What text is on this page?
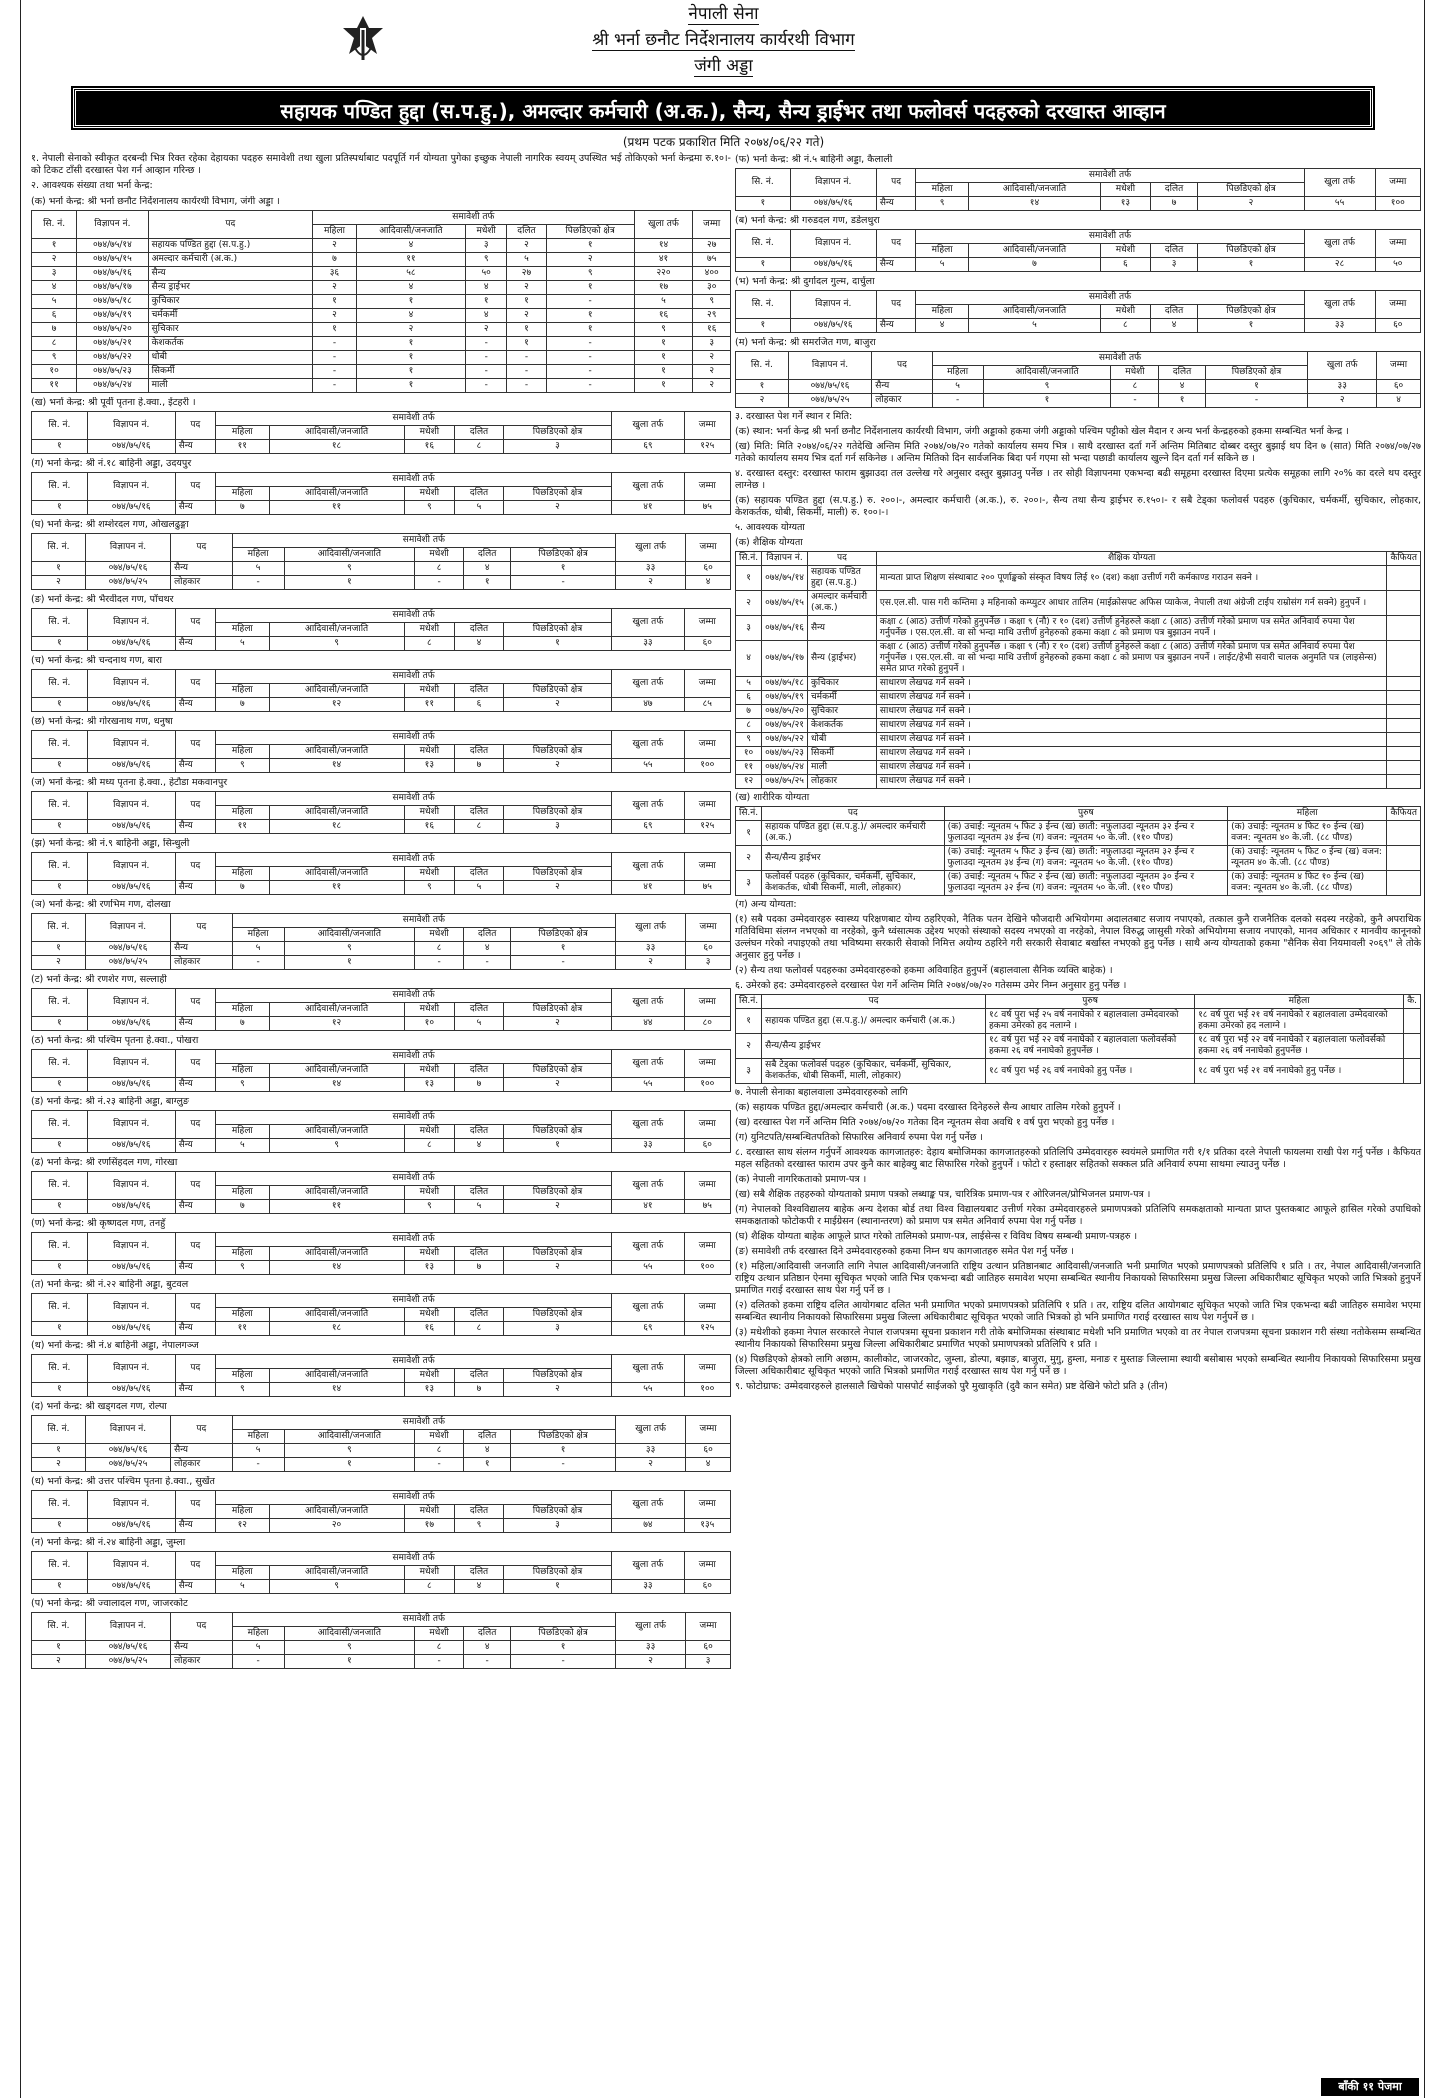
नेपाली सेना
श्री भर्ना छनौट निर्देशनालय कार्यरथी विभाग
जंगी अड्डा
सहायक पण्डित हुद्दा (स.प.हु.), अमल्दार कर्मचारी (अ.क.), सैन्य, सैन्य ड्राईभर तथा फलोवर्स पदहरुको दरखास्त आव्हान
(प्रथम पटक प्रकाशित मिति २०७४/०६/२२ गते)
१. नेपाली सेनाको स्वीकृत दरबन्दी भित्र रिक्त रहेका देहायका पदहरु समावेशी तथा खुला प्रतिस्पर्धाबाट पदपूर्ति गर्न योग्यता पुगेका इच्छुक नेपाली नागरिक स्वयम् उपस्थित भई तोकिएको भर्ना केन्द्रमा रु.१०।- को टिकट टाँसी दरखास्त पेश गर्न आव्हान गरिन्छ ।
२. आवश्यक संख्या तथा भर्ना केन्द्र:
(क) भर्ना केन्द्र: श्री भर्ना छनौट निर्देशनालय कार्यरथी विभाग, जंगी अड्डा ।
सि. नं.	विज्ञापन नं.	पद	समावेशी तर्फ					खुला तर्फ	जम्मा
			महिला	आदिवासी/जनजाति	मधेशी	दलित	पिछडिएको क्षेत्र		
१	०७४/७५/१४	सहायक पण्डित हुद्दा (स.प.हु.)	२	४	३	२	१	१४	२७
२	०७४/७५/१५	अमल्दार कर्मचारी (अ.क.)	७	११	९	५	२	४१	७५
३	०७४/७५/१६	सैन्य	३६	५८	५०	२७	९	२२०	४००
४	०७४/७५/१७	सैन्य ड्राईभर	२	४	४	२	१	१७	३०
५	०७४/७५/१८	कुचिकार	१	१	१	१	-	५	९
६	०७४/७५/१९	चर्मकर्मी	२	४	४	२	१	१६	२९
७	०७४/७५/२०	सुचिकार	१	२	२	१	१	९	१६
८	०७४/७५/२१	केशकर्तक	-	१	-	१	-	१	३
९	०७४/७५/२२	धोबी	-	१	-	-	-	१	२
१०	०७४/७५/२३	सिकर्मी	-	१	-	-	-	१	२
११	०७४/७५/२४	माली	-	१	-	-	-	१	२
(ख) भर्ना केन्द्र: श्री पूर्वी पृतना हे.क्वा., ईटहरी ।
सि. नं.	विज्ञापन नं.	पद	समावेशी तर्फ					खुला तर्फ	जम्मा
			महिला	आदिवासी/जनजाति	मधेशी	दलित	पिछडिएको क्षेत्र		
१	०७४/७५/१६	सैन्य	११	१८	१६	८	३	६९	१२५
(ग) भर्ना केन्द्र: श्री नं.१८ बाहिनी अड्डा, उदयपुर
सि. नं.	विज्ञापन नं.	पद	समावेशी तर्फ					खुला तर्फ	जम्मा
			महिला	आदिवासी/जनजाति	मधेशी	दलित	पिछडिएको क्षेत्र		
१	०७४/७५/१६	सैन्य	७	११	९	५	२	४१	७५
(घ) भर्ना केन्द्र: श्री शम्शेरदल गण, ओखलढुङ्गा
सि. नं.	विज्ञापन नं.	पद	समावेशी तर्फ					खुला तर्फ	जम्मा
			महिला	आदिवासी/जनजाति	मधेशी	दलित	पिछडिएको क्षेत्र		
१	०७४/७५/१६	सैन्य	५	९	८	४	१	३३	६०
२	०७४/७५/२५	लोहकार	-	१	-	१	-	२	४
(ङ) भर्ना केन्द्र: श्री भैरवीदल गण, पाँचथर
सि. नं.	विज्ञापन नं.	पद	समावेशी तर्फ					खुला तर्फ	जम्मा
			महिला	आदिवासी/जनजाति	मधेशी	दलित	पिछडिएको क्षेत्र		
१	०७४/७५/१६	सैन्य	५	९	८	४	१	३३	६०
(च) भर्ना केन्द्र: श्री चन्दनाथ गण, बारा
सि. नं.	विज्ञापन नं.	पद	समावेशी तर्फ					खुला तर्फ	जम्मा
			महिला	आदिवासी/जनजाति	मधेशी	दलित	पिछडिएको क्षेत्र		
१	०७४/७५/१६	सैन्य	७	१२	११	६	२	४७	८५
(छ) भर्ना केन्द्र: श्री गोरखनाथ गण, धनुषा
सि. नं.	विज्ञापन नं.	पद	समावेशी तर्फ					खुला तर्फ	जम्मा
			महिला	आदिवासी/जनजाति	मधेशी	दलित	पिछडिएको क्षेत्र		
१	०७४/७५/१६	सैन्य	९	१४	१३	७	२	५५	१००
(ज) भर्ना केन्द्र: श्री मध्य पृतना हे.क्वा., हेटौडा मकवानपुर
सि. नं.	विज्ञापन नं.	पद	समावेशी तर्फ					खुला तर्फ	जम्मा
			महिला	आदिवासी/जनजाति	मधेशी	दलित	पिछडिएको क्षेत्र		
१	०७४/७५/१६	सैन्य	११	१८	१६	८	३	६९	१२५
(झ) भर्ना केन्द्र: श्री नं.९ बाहिनी अड्डा, सिन्धुली
सि. नं.	विज्ञापन नं.	पद	समावेशी तर्फ					खुला तर्फ	जम्मा
			महिला	आदिवासी/जनजाति	मधेशी	दलित	पिछडिएको क्षेत्र		
१	०७४/७५/१६	सैन्य	७	११	९	५	२	४१	७५
(ञ) भर्ना केन्द्र: श्री रणभिम गण, दोलखा
सि. नं.	विज्ञापन नं.	पद	समावेशी तर्फ					खुला तर्फ	जम्मा
			महिला	आदिवासी/जनजाति	मधेशी	दलित	पिछडिएको क्षेत्र		
१	०७४/७५/१६	सैन्य	५	९	८	४	१	३३	६०
२	०७४/७५/२५	लोहकार	-	१	-	-	-	२	३
(ट) भर्ना केन्द्र: श्री रणशेर गण, सल्लाही
सि. नं.	विज्ञापन नं.	पद	समावेशी तर्फ					खुला तर्फ	जम्मा
			महिला	आदिवासी/जनजाति	मधेशी	दलित	पिछडिएको क्षेत्र		
१	०७४/७५/१६	सैन्य	७	१२	१०	५	२	४४	८०
(ठ) भर्ना केन्द्र: श्री पश्चिम पृतना हे.क्वा., पोखरा
सि. नं.	विज्ञापन नं.	पद	समावेशी तर्फ					खुला तर्फ	जम्मा
			महिला	आदिवासी/जनजाति	मधेशी	दलित	पिछडिएको क्षेत्र		
१	०७४/७५/१६	सैन्य	९	१४	१३	७	२	५५	१००
(ड) भर्ना केन्द्र: श्री नं.२३ बाहिनी अड्डा, बाग्लुङ
सि. नं.	विज्ञापन नं.	पद	समावेशी तर्फ					खुला तर्फ	जम्मा
			महिला	आदिवासी/जनजाति	मधेशी	दलित	पिछडिएको क्षेत्र		
१	०७४/७५/१६	सैन्य	५	९	८	४	१	३३	६०
(ढ) भर्ना केन्द्र: श्री रणसिंहदल गण, गोरखा
सि. नं.	विज्ञापन नं.	पद	समावेशी तर्फ					खुला तर्फ	जम्मा
			महिला	आदिवासी/जनजाति	मधेशी	दलित	पिछडिएको क्षेत्र		
१	०७४/७५/१६	सैन्य	७	११	९	५	२	४१	७५
(ण) भर्ना केन्द्र: श्री कृष्णदल गण, तनहुँ
सि. नं.	विज्ञापन नं.	पद	समावेशी तर्फ					खुला तर्फ	जम्मा
			महिला	आदिवासी/जनजाति	मधेशी	दलित	पिछडिएको क्षेत्र		
१	०७४/७५/१६	सैन्य	९	१४	१३	७	२	५५	१००
(त) भर्ना केन्द्र: श्री नं.२२ बाहिनी अड्डा, बुटवल
सि. नं.	विज्ञापन नं.	पद	समावेशी तर्फ					खुला तर्फ	जम्मा
			महिला	आदिवासी/जनजाति	मधेशी	दलित	पिछडिएको क्षेत्र		
१	०७४/७५/१६	सैन्य	११	१८	१६	८	३	६९	१२५
(थ) भर्ना केन्द्र: श्री नं.४ बाहिनी अड्डा, नेपालगञ्ज
सि. नं.	विज्ञापन नं.	पद	समावेशी तर्फ					खुला तर्फ	जम्मा
			महिला	आदिवासी/जनजाति	मधेशी	दलित	पिछडिएको क्षेत्र		
१	०७४/७५/१६	सैन्य	९	१४	१३	७	२	५५	१००
(द) भर्ना केन्द्र: श्री खड्गदल गण, रोल्पा
सि. नं.	विज्ञापन नं.	पद	समावेशी तर्फ					खुला तर्फ	जम्मा
			महिला	आदिवासी/जनजाति	मधेशी	दलित	पिछडिएको क्षेत्र		
१	०७४/७५/१६	सैन्य	५	९	८	४	१	३३	६०
२	०७४/७५/२५	लोहकार	-	१	-	१	-	२	४
(ध) भर्ना केन्द्र: श्री उत्तर पश्चिम पृतना हे.क्वा., सुर्खेत
सि. नं.	विज्ञापन नं.	पद	समावेशी तर्फ					खुला तर्फ	जम्मा
			महिला	आदिवासी/जनजाति	मधेशी	दलित	पिछडिएको क्षेत्र		
१	०७४/७५/१६	सैन्य	१२	२०	१७	९	३	७४	१३५
(न) भर्ना केन्द्र: श्री नं.२४ बाहिनी अड्डा, जुम्ला
सि. नं.	विज्ञापन नं.	पद	समावेशी तर्फ					खुला तर्फ	जम्मा
			महिला	आदिवासी/जनजाति	मधेशी	दलित	पिछडिएको क्षेत्र		
१	०७४/७५/१६	सैन्य	५	९	८	४	१	३३	६०
(प) भर्ना केन्द्र: श्री ज्वालादल गण, जाजरकोट
सि. नं.	विज्ञापन नं.	पद	समावेशी तर्फ					खुला तर्फ	जम्मा
			महिला	आदिवासी/जनजाति	मधेशी	दलित	पिछडिएको क्षेत्र		
१	०७४/७५/१६	सैन्य	५	९	८	४	१	३३	६०
२	०७४/७५/२५	लोहकार	-	१	-	-	-	२	३
(फ) भर्ना केन्द्र: श्री नं.५ बाहिनी अड्डा, कैलाली
सि. नं.	विज्ञापन नं.	पद	समावेशी तर्फ					खुला तर्फ	जम्मा
			महिला	आदिवासी/जनजाति	मधेशी	दलित	पिछडिएको क्षेत्र		
१	०७४/७५/१६	सैन्य	९	१४	१३	७	२	५५	१००
(ब) भर्ना केन्द्र: श्री गरुडदल गण, डडेलधुरा
सि. नं.	विज्ञापन नं.	पद	समावेशी तर्फ					खुला तर्फ	जम्मा
			महिला	आदिवासी/जनजाति	मधेशी	दलित	पिछडिएको क्षेत्र		
१	०७४/७५/१६	सैन्य	५	७	६	३	१	२८	५०
(भ) भर्ना केन्द्र: श्री दुर्गादल गुल्म, दार्चुला
सि. नं.	विज्ञापन नं.	पद	समावेशी तर्फ					खुला तर्फ	जम्मा
			महिला	आदिवासी/जनजाति	मधेशी	दलित	पिछडिएको क्षेत्र		
१	०७४/७५/१६	सैन्य	४	५	८	४	१	३३	६०
(म) भर्ना केन्द्र: श्री समरजित गण, बाजुरा
सि. नं.	विज्ञापन नं.	पद	समावेशी तर्फ					खुला तर्फ	जम्मा
			महिला	आदिवासी/जनजाति	मधेशी	दलित	पिछडिएको क्षेत्र		
१	०७४/७५/१६	सैन्य	५	९	८	४	१	३३	६०
२	०७४/७५/२५	लोहकार	-	१	-	१	-	२	४
३. दरखास्त पेश गर्ने स्थान र मिति:
(क) स्थान: भर्ना केन्द्र श्री भर्ना छनौट निर्देशनालय कार्यरथी विभाग, जंगी अड्डाको हकमा जंगी अड्डाको पश्चिम पट्टीको खेल मैदान र अन्य भर्ना केन्द्रहरुको हकमा सम्बन्धित भर्ना केन्द्र ।
(ख) मिति: मिति २०७४/०६/२२ गतेदेखि अन्तिम मिति २०७४/०७/२० गतेको कार्यालय समय भित्र । साथै दरखास्त दर्ता गर्ने अन्तिम मितिबाट दोब्बर दस्तुर बुझाई थप दिन ७ (सात) मिति २०७४/०७/२७ गतेको कार्यालय समय भित्र दर्ता गर्न सकिनेछ । अन्तिम मितिको दिन सार्वजनिक बिदा पर्न गएमा सो भन्दा पछाडी कार्यालय खुल्ने दिन दर्ता गर्न सकिने छ ।
४. दरखास्त दस्तुर: दरखास्त फाराम बुझाउदा तल उल्लेख गरे अनुसार दस्तुर बुझाउनु पर्नेछ । तर सोही विज्ञापनमा एकभन्दा बढी समूहमा दरखास्त दिएमा प्रत्येक समूहका लागि २०% का दरले थप दस्तुर लाग्नेछ ।
(क) सहायक पण्डित हुद्दा (स.प.हु.) रु. २००।-, अमल्दार कर्मचारी (अ.क.), रु. २००।-, सैन्य तथा सैन्य ड्राईभर रु.१५०।- र सबै टेड्का फलोवर्स पदहरु (कुचिकार, चर्मकर्मी, सुचिकार, लोहकार, केशकर्तक, धोबी, सिकर्मी, माली) रु. १००।-।
५. आवश्यक योग्यता
(क) शैक्षिक योग्यता
सि.नं.	विज्ञापन नं.	पद	शैक्षिक योग्यता	कैफियत
१	०७४/७५/१४	सहायक पण्डित हुद्दा (स.प.हु.)	मान्यता प्राप्त शिक्षण संस्थाबाट २०० पूर्णाङ्कको संस्कृत विषय लिई १० (दश) कक्षा उत्तीर्ण गरी कर्मकाण्ड गराउन सक्ने ।	
२	०७४/७५/१५	अमल्दार कर्मचारी (अ.क.)	एस.एल.सी. पास गरी कम्तिमा ३ महिनाको कम्प्युटर आधार तालिम (माईक्रोसफ्ट अफिस प्याकेज, नेपाली तथा अंग्रेजी टाईप राम्रोसंग गर्न सक्ने) हुनुपर्ने ।	
३	०७४/७५/१६	सैन्य	कक्षा ८ (आठ) उत्तीर्ण गरेको हुनुपर्नेछ । कक्षा ९ (नौ) र १० (दश) उत्तीर्ण हुनेहरुले कक्षा ८ (आठ) उत्तीर्ण गरेको प्रमाण पत्र समेत अनिवार्य रुपमा पेश गर्नुपर्नेछ । एस.एल.सी. वा सो भन्दा माथि उत्तीर्ण हुनेहरुको हकमा कक्षा ८ को प्रमाण पत्र बुझाउन नपर्ने ।	
४	०७४/७५/१७	सैन्य (ड्राईभर)	कक्षा ८ (आठ) उत्तीर्ण गरेको हुनुपर्नेछ । कक्षा ९ (नौ) र १० (दश) उत्तीर्ण हुनेहरुले कक्षा ८ (आठ) उत्तीर्ण गरेको प्रमाण पत्र समेत अनिवार्य रुपमा पेश गर्नुपर्नेछ । एस.एल.सी. वा सो भन्दा माथि उत्तीर्ण हुनेहरुको हकमा कक्षा ८ को प्रमाण पत्र बुझाउन नपर्ने । लाईट/हेभी सवारी चालक अनुमति पत्र (लाइसेन्स) समेत प्राप्त गरेको हुनुपर्ने ।	
५	०७४/७५/१८	कुचिकार	साधारण लेखपढ गर्न सक्ने ।	
६	०७४/७५/१९	चर्मकर्मी	साधारण लेखपढ गर्न सक्ने ।	
७	०७४/७५/२०	सुचिकार	साधारण लेखपढ गर्न सक्ने ।	
८	०७४/७५/२१	केशकर्तक	साधारण लेखपढ गर्न सक्ने ।	
९	०७४/७५/२२	धोबी	साधारण लेखपढ गर्न सक्ने ।	
१०	०७४/७५/२३	सिकर्मी	साधारण लेखपढ गर्न सक्ने ।	
११	०७४/७५/२४	माली	साधारण लेखपढ गर्न सक्ने ।	
१२	०७४/७५/२५	लोहकार	साधारण लेखपढ गर्न सक्ने ।	
(ख) शारीरिक योग्यता
सि.नं.	पद	पुरुष	महिला	कैफियत
१	सहायक पण्डित हुद्दा (स.प.हु.)/ अमल्दार कर्मचारी (अ.क.)	(क) उचाई: न्यूनतम ५ फिट ३ ईन्च (ख) छाती: नफुलाउदा न्यूनतम ३२ ईन्च र फुलाउदा न्यूनतम ३४ ईन्च (ग) वजन: न्यूनतम ५० के.जी. (११० पौण्ड)	(क) उचाई: न्यूनतम ४ फिट १० ईन्च (ख) वजन: न्यूनतम ४० के.जी. (८८ पौण्ड)	
२	सैन्य/सैन्य ड्राईभर	(क) उचाई: न्यूनतम ५ फिट ३ ईन्च (ख) छाती: नफुलाउदा न्यूनतम ३२ ईन्च र फुलाउदा न्यूनतम ३४ ईन्च (ग) वजन: न्यूनतम ५० के.जी. (११० पौण्ड)	(क) उचाई: न्यूनतम ५ फिट ० ईन्च (ख) वजन: न्यूनतम ४० के.जी. (८८ पौण्ड)	
३	फलोवर्स पदहरु (कुचिकार, चर्मकर्मी, सुचिकार, केशकर्तक, धोबी सिकर्मी, माली, लोहकार)	(क) उचाई: न्यूनतम ५ फिट २ ईन्च (ख) छाती: नफुलाउदा न्यूनतम ३० ईन्च र फुलाउदा न्यूनतम ३२ ईन्च (ग) वजन: न्यूनतम ५० के.जी. (११० पौण्ड)	(क) उचाई: न्यूनतम ४ फिट १० ईन्च (ख) वजन: न्यूनतम ४० के.जी. (८८ पौण्ड)	
(ग) अन्य योग्यता:
(१) सबै पदका उम्मेदवारहरु स्वास्थ्य परिक्षणबाट योग्य ठहरिएको, नैतिक पतन देखिने फौजदारी अभियोगमा अदालतबाट सजाय नपाएको, तत्काल कुनै राजनैतिक दलको सदस्य नरहेको, कुनै अपराधिक गतिविधिमा संलग्न नभएको वा नरहेको, कुनै ध्वंसात्मक उद्देश्य भएको संस्थाको सदस्य नभएको वा नरहेको, नेपाल विरुद्ध जासुसी गरेको अभियोगमा सजाय नपाएको, मानव अधिकार र मानवीय कानूनको उल्लंघन गरेको नपाइएको तथा भविष्यमा सरकारी सेवाको निमित्त अयोग्य ठहरिने गरी सरकारी सेवाबाट बर्खास्त नभएको हुनु पर्नेछ । साथै अन्य योग्यताको हकमा "सैनिक सेवा नियमावली २०६९" ले तोके अनुसार हुनु पर्नेछ ।
(२) सैन्य तथा फलोवर्स पदहरुका उम्मेदवारहरुको हकमा अविवाहित हुनुपर्ने (बहालवाला सैनिक व्यक्ति बाहेक) ।
६. उमेरको हद: उम्मेदवारहरुले दरखास्त पेश गर्ने अन्तिम मिति २०७४/०७/२० गतेसम्म उमेर निम्न अनुसार हुनु पर्नेछ ।
सि.नं.	पद	पुरुष	महिला	कै.
१	सहायक पण्डित हुद्दा (स.प.हु.)/ अमल्दार कर्मचारी (अ.क.)	१८ वर्ष पुरा भई २५ वर्ष ननाघेको र बहालवाला उम्मेदवारको हकमा उमेरको हद नलाग्ने ।	१८ वर्ष पुरा भई २१ वर्ष ननाघेको र बहालवाला उम्मेदवारको हकमा उमेरको हद नलाग्ने ।	
२	सैन्य/सैन्य ड्राईभर	१८ वर्ष पुरा भई २२ वर्ष ननाघेको र बहालवाला फलोवर्सको हकमा २६ वर्ष ननाघेको हुनुपर्नेछ ।	१८ वर्ष पुरा भई २२ वर्ष ननाघेको र बहालवाला फलोवर्सको हकमा २६ वर्ष ननाघेको हुनुपर्नेछ ।	
३	सबै टेड्का फलोवर्स पदहरु (कुचिकार, चर्मकर्मी, सुचिकार, केशकर्तक, धोबी सिकर्मी, माली, लोहकार)	१८ वर्ष पुरा भई २६ वर्ष ननाघेको हुनु पर्नेछ ।	१८ वर्ष पुरा भई २१ वर्ष ननाघेको हुनु पर्नेछ ।	
७. नेपाली सेनाका बहालवाला उम्मेदवारहरुको लागि
(क) सहायक पण्डित हुद्दा/अमल्दार कर्मचारी (अ.क.) पदमा दरखास्त दिनेहरुले सैन्य आधार तालिम गरेको हुनुपर्ने ।
(ख) दरखास्त पेश गर्ने अन्तिम मिति २०७४/०७/२० गतेका दिन न्यूनतम सेवा अवधि १ वर्ष पुरा भएको हुनु पर्नेछ ।
(ग) युनिटपति/सम्बन्धितपतिको सिफारिस अनिवार्य रुपमा पेश गर्नु पर्नेछ ।
८. दरखास्त साथ संलग्न गर्नुपर्ने आवश्यक कागजातहरु: देहाय बमोजिमका कागजातहरुको प्रतिलिपि उम्मेदवारहरु स्वयंमले प्रमाणित गरी १/१ प्रतिका दरले नेपाली फायलमा राखी पेश गर्नु पर्नेछ । कैफियत महल सहितको दरखास्त फाराम उपर कुनै कार बाहेक्यु बाट सिफारिस गरेको हुनुपर्ने । फोटो र हस्ताक्षर सहितको सक्कल प्रति अनिवार्य रुपमा साथमा ल्याउनु पर्नेछ ।
(क) नेपाली नागरिकताको प्रमाण-पत्र ।
(ख) सबै शैक्षिक तहहरुको योग्यताको प्रमाण पत्रको लब्धाङ्क पत्र, चारित्रिक प्रमाण-पत्र र ओरिजनल/प्रोभिजनल प्रमाण-पत्र ।
(ग) नेपालको विश्वविद्यालय बाहेक अन्य देशका बोर्ड तथा विश्व विद्यालयबाट उत्तीर्ण गरेका उम्मेदवारहरुले प्रमाणपत्रको प्रतिलिपि समकक्षताको मान्यता प्राप्त पुस्तकबाट आफूले हासिल गरेको उपाधिको समकक्षताको फोटोकपी र माईग्रेसन (स्थानान्तरण) को प्रमाण पत्र समेत अनिवार्य रुपमा पेश गर्नु पर्नेछ ।
(घ) शैक्षिक योग्यता बाहेक आफूले प्राप्त गरेको तालिमको प्रमाण-पत्र, लाईसेन्स र विविध विषय सम्बन्धी प्रमाण-पत्रहरु ।
(ङ) समावेशी तर्फ दरखास्त दिने उम्मेदवारहरुको हकमा निम्न थप कागजातहरु समेत पेश गर्नु पर्नेछ ।
(१) महिला/आदिवासी जनजाति लागि नेपाल आदिवासी/जनजाति राष्ट्रिय उत्थान प्रतिष्ठानबाट आदिवासी/जनजाति भनी प्रमाणित भएको प्रमाणपत्रको प्रतिलिपि १ प्रति । तर, नेपाल आदिवासी/जनजाति राष्ट्रिय उत्थान प्रतिष्ठान ऐनमा सूचिकृत भएको जाति भित्र एकभन्दा बढी जातिहरु समावेश भएमा सम्बन्धित स्थानीय निकायको सिफारिसमा प्रमुख जिल्ला अधिकारीबाट सूचिकृत भएको जाति भित्रको हुनुपर्ने प्रमाणित गराई दरखास्त साथ पेश गर्नु पर्ने छ ।
(२) दलितको हकमा राष्ट्रिय दलित आयोगबाट दलित भनी प्रमाणित भएको प्रमाणपत्रको प्रतिलिपि १ प्रति । तर, राष्ट्रिय दलित आयोगबाट सूचिकृत भएको जाति भित्र एकभन्दा बढी जातिहरु समावेश भएमा सम्बन्धित स्थानीय निकायको सिफारिसमा प्रमुख जिल्ला अधिकारीबाट सूचिकृत भएको जाति भित्रको हो भनि प्रमाणित गराई दरखास्त साथ पेश गर्नुपर्ने छ ।
(३) मधेशीको हकमा नेपाल सरकारले नेपाल राजपत्रमा सूचना प्रकाशन गरी तोके बमोजिमका संस्थाबाट मधेशी भनि प्रमाणित भएको वा तर नेपाल राजपत्रमा सूचना प्रकाशन गरी संस्था नतोकेसम्म सम्बन्धित स्थानीय निकायको सिफारिसमा प्रमुख जिल्ला अधिकारीबाट प्रमाणित भएको प्रमाणपत्रको प्रतिलिपि १ प्रति ।
(४) पिछडिएको क्षेत्रको लागि अछाम, कालीकोट, जाजरकोट, जुम्ला, डोल्पा, बझाङ, बाजुरा, मुगु, हुम्ला, मनाङ र मुस्ताङ जिल्लामा स्थायी बसोबास भएको सम्बन्धित स्थानीय निकायको सिफारिसमा प्रमुख जिल्ला अधिकारीबाट सूचिकृत भएको जाति भित्रको प्रमाणित गराई दरखास्त साथ पेश गर्नु पर्ने छ ।
९. फोटोग्राफ: उम्मेदवारहरुले हालसालै खिचेको पासपोर्ट साईजको पुरै मुखाकृति (दुवै कान समेत) प्रष्ट देखिने फोटो प्रति ३ (तीन)
बाँकी ११ पेजमा
